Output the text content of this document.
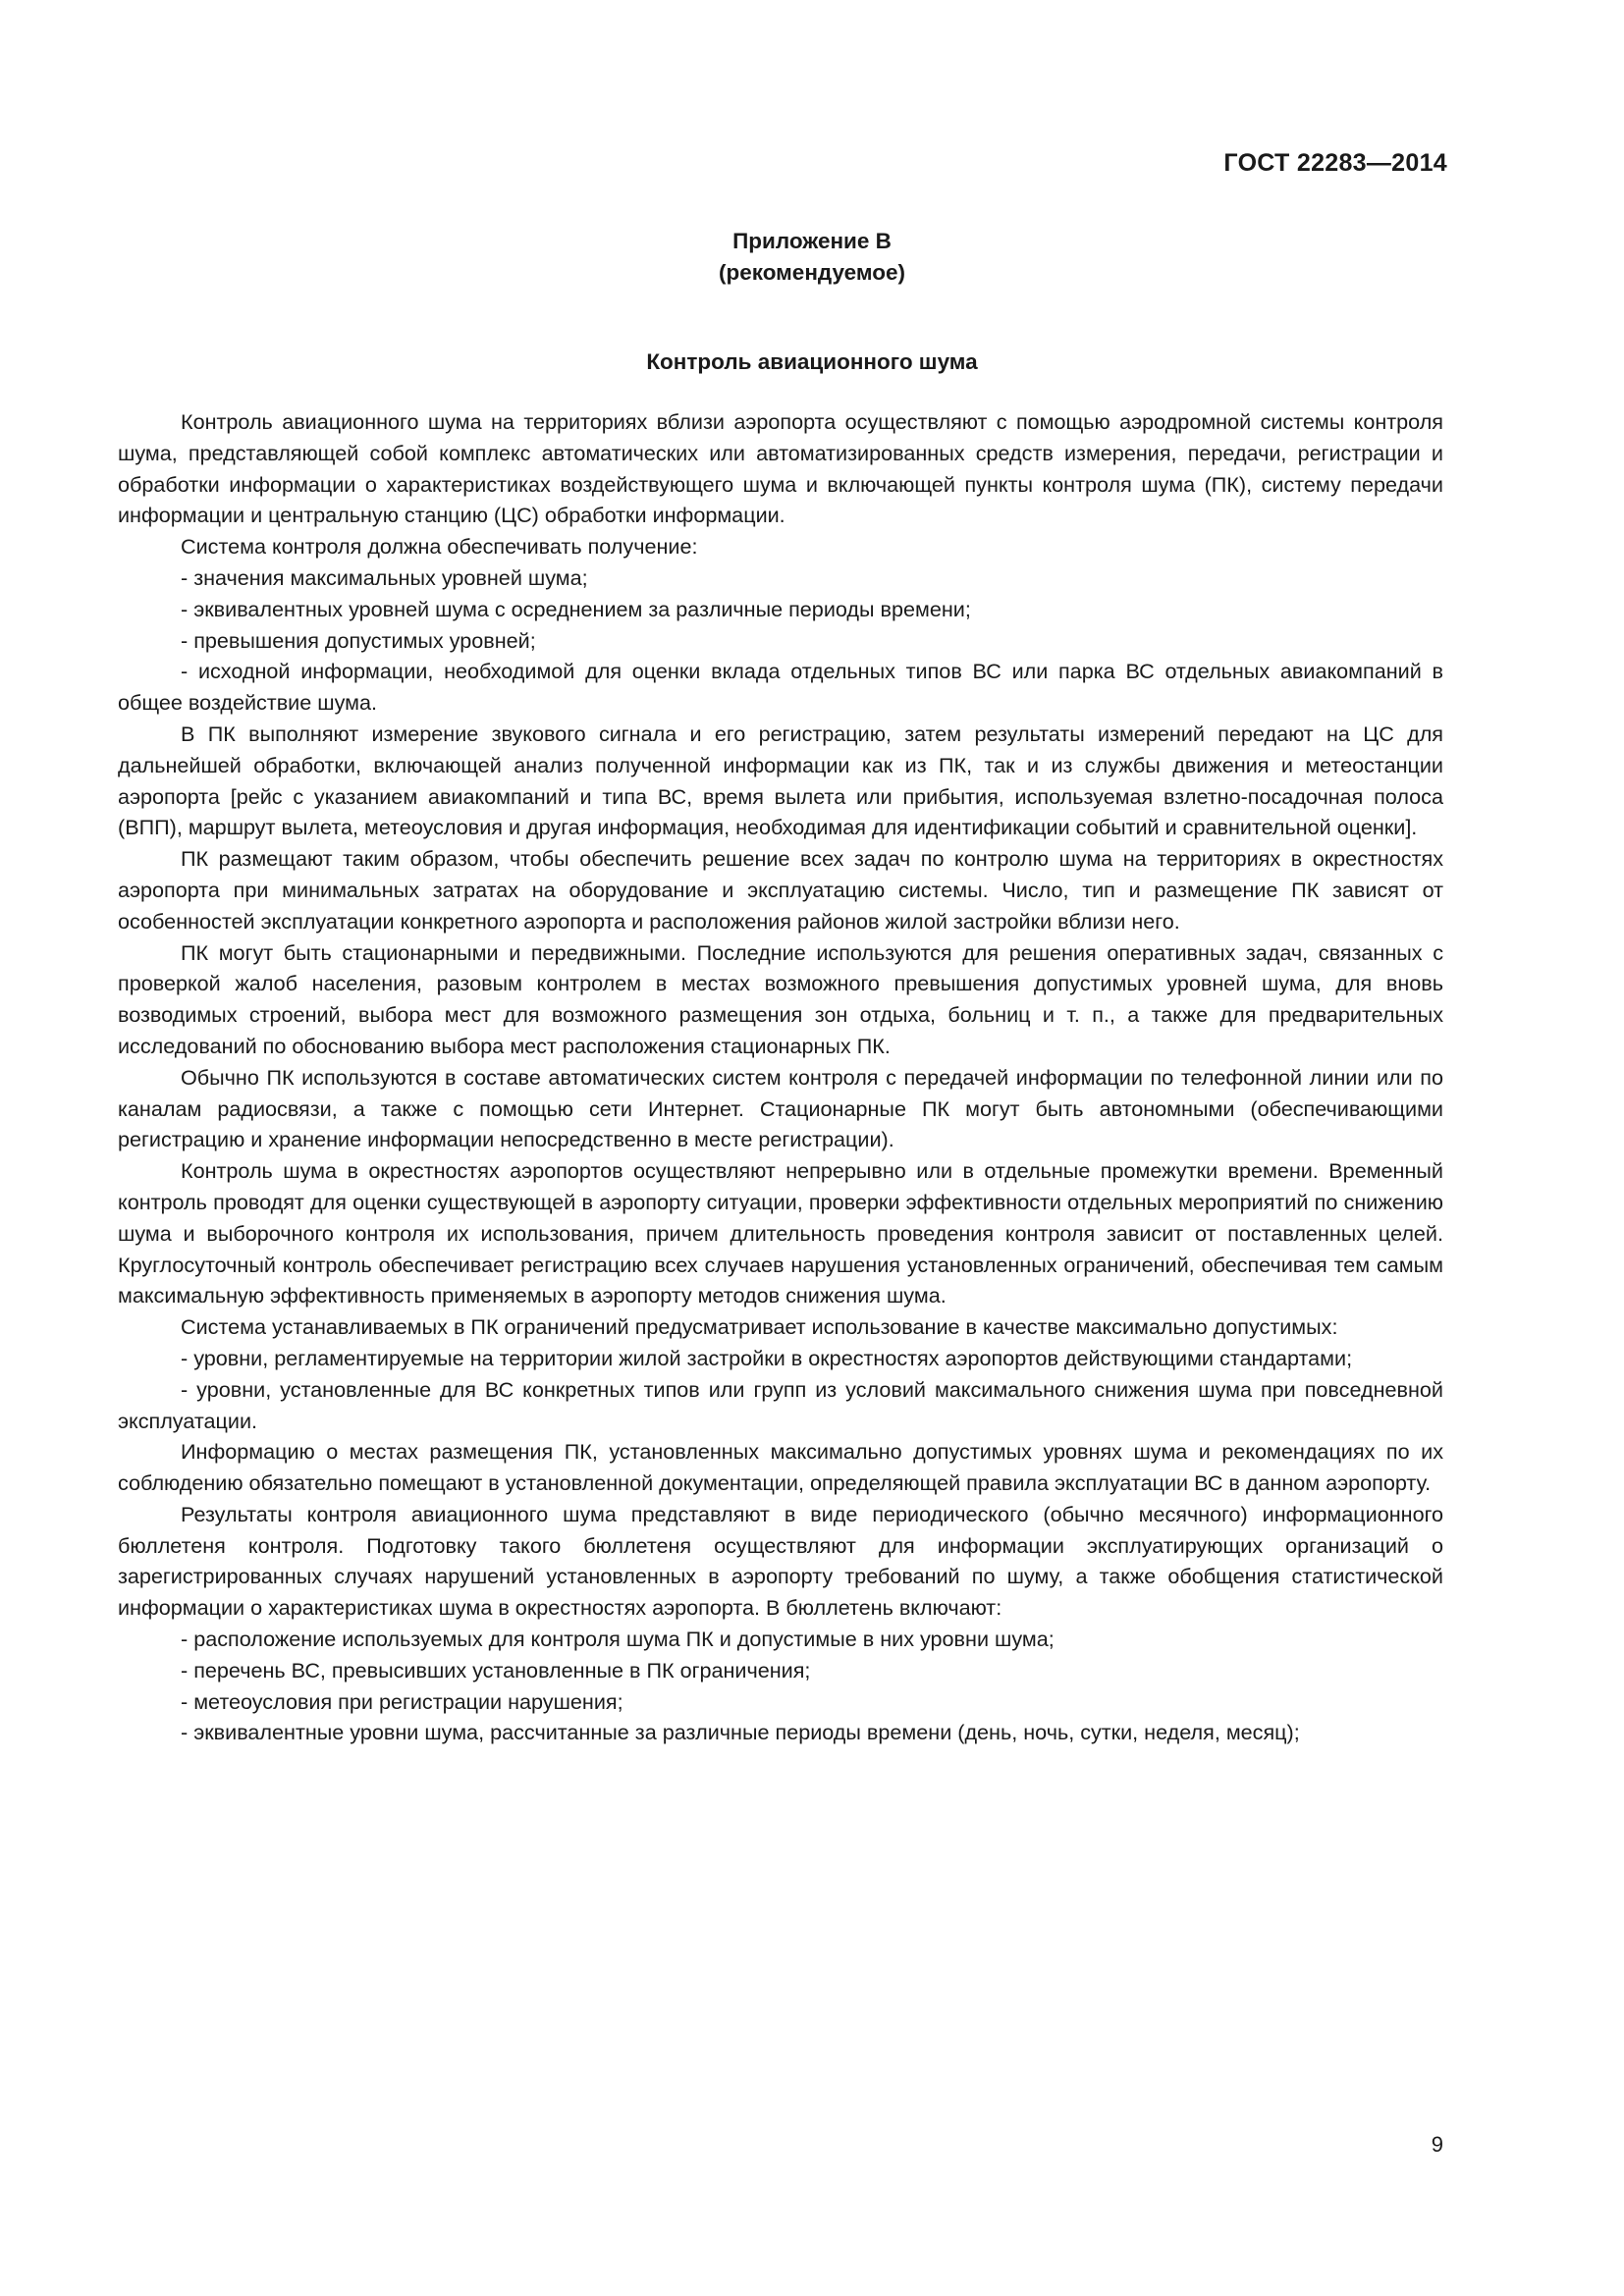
ГОСТ 22283—2014
Приложение В
(рекомендуемое)
Контроль авиационного шума

Контроль авиационного шума на территориях вблизи аэропорта осуществляют с помощью аэродромной системы контроля шума, представляющей собой комплекс автоматических или автоматизированных средств измерения, передачи, регистрации и обработки информации о характеристиках воздействующего шума и включающей пункты контроля шума (ПК), систему передачи информации и центральную станцию (ЦС) обработки информации.

Система контроля должна обеспечивать получение:

- значения максимальных уровней шума;

- эквивалентных уровней шума с осреднением за различные периоды времени;

- превышения допустимых уровней;

- исходной информации, необходимой для оценки вклада отдельных типов ВС или парка ВС отдельных авиакомпаний в общее воздействие шума.

В ПК выполняют измерение звукового сигнала и его регистрацию, затем результаты измерений передают на ЦС для дальнейшей обработки, включающей анализ полученной информации как из ПК, так и из службы движения и метеостанции аэропорта [рейс с указанием авиакомпаний и типа ВС, время вылета или прибытия, используемая взлетно-посадочная полоса (ВПП), маршрут вылета, метеоусловия и другая информация, необходимая для идентификации событий и сравнительной оценки].

ПК размещают таким образом, чтобы обеспечить решение всех задач по контролю шума на территориях в окрестностях аэропорта при минимальных затратах на оборудование и эксплуатацию системы. Число, тип и размещение ПК зависят от особенностей эксплуатации конкретного аэропорта и расположения районов жилой застройки вблизи него.

ПК могут быть стационарными и передвижными. Последние используются для решения оперативных задач, связанных с проверкой жалоб населения, разовым контролем в местах возможного превышения допустимых уровней шума, для вновь возводимых строений, выбора мест для возможного размещения зон отдыха, больниц и т. п., а также для предварительных исследований по обоснованию выбора мест расположения стационарных ПК.

Обычно ПК используются в составе автоматических систем контроля с передачей информации по телефонной линии или по каналам радиосвязи, а также с помощью сети Интернет. Стационарные ПК могут быть автономными (обеспечивающими регистрацию и хранение информации непосредственно в месте регистрации).

Контроль шума в окрестностях аэропортов осуществляют непрерывно или в отдельные промежутки времени. Временный контроль проводят для оценки существующей в аэропорту ситуации, проверки эффективности отдельных мероприятий по снижению шума и выборочного контроля их использования, причем длительность проведения контроля зависит от поставленных целей. Круглосуточный контроль обеспечивает регистрацию всех случаев нарушения установленных ограничений, обеспечивая тем самым максимальную эффективность применяемых в аэропорту методов снижения шума.

Система устанавливаемых в ПК ограничений предусматривает использование в качестве максимально допустимых:

- уровни, регламентируемые на территории жилой застройки в окрестностях аэропортов действующими стандартами;

- уровни, установленные для ВС конкретных типов или групп из условий максимального снижения шума при повседневной эксплуатации.

Информацию о местах размещения ПК, установленных максимально допустимых уровнях шума и рекомендациях по их соблюдению обязательно помещают в установленной документации, определяющей правила эксплуатации ВС в данном аэропорту.

Результаты контроля авиационного шума представляют в виде периодического (обычно месячного) информационного бюллетеня контроля. Подготовку такого бюллетеня осуществляют для информации эксплуатирующих организаций о зарегистрированных случаях нарушений установленных в аэропорту требований по шуму, а также обобщения статистической информации о характеристиках шума в окрестностях аэропорта. В бюллетень включают:

- расположение используемых для контроля шума ПК и допустимые в них уровни шума;

- перечень ВС, превысивших установленные в ПК ограничения;

- метеоусловия при регистрации нарушения;

- эквивалентные уровни шума, рассчитанные за различные периоды времени (день, ночь, сутки, неделя, месяц);

9
